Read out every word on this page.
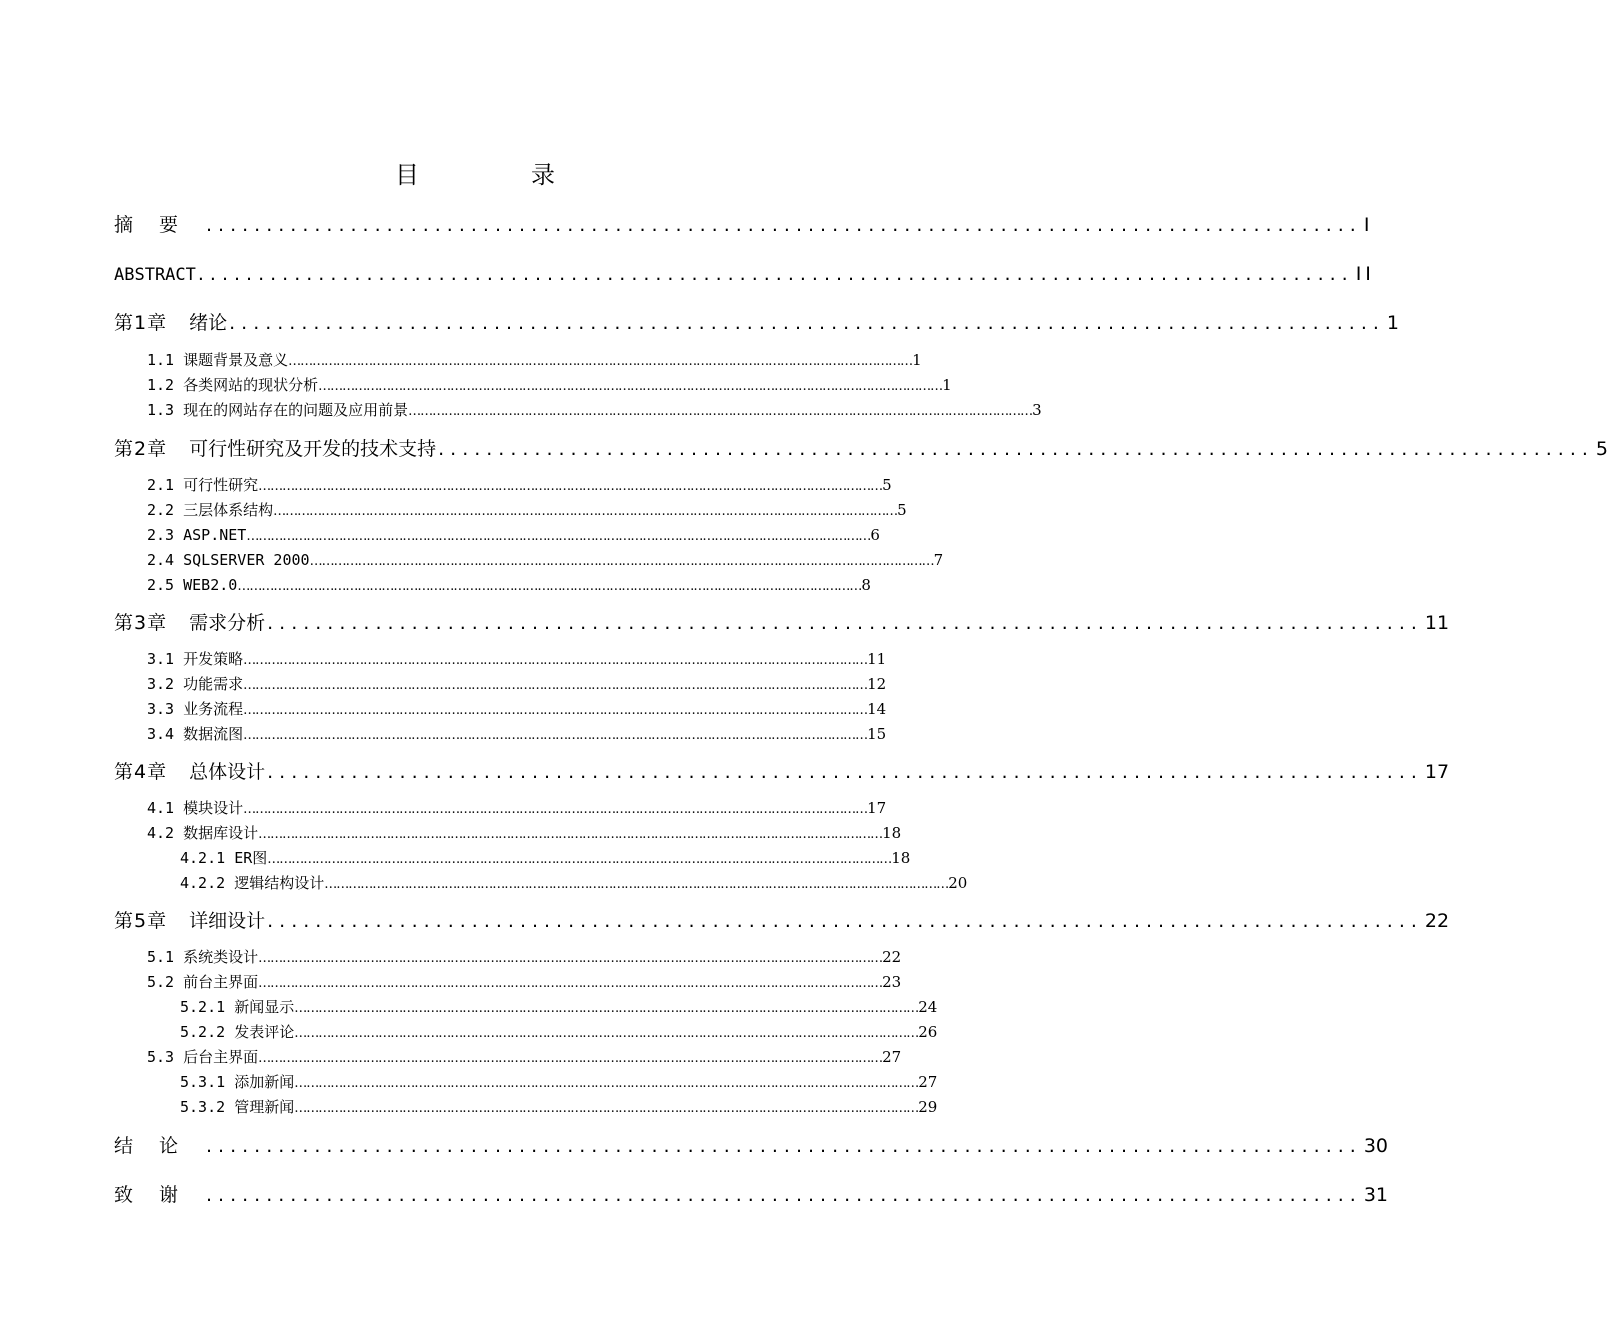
目　录
摘要 ................................................................................................ I
ABSTRACT ................................................................................................ II
第1章 绪论 ................................................................................................ 1
1.1 课题背景及意义 ………………………………………………………………………………………………………………………………………… 1
1.2 各类网站的现状分析 ………………………………………………………………………………………………………………………………………… 1
1.3 现在的网站存在的问题及应用前景 ………………………………………………………………………………………………………………………………………… 3
第2章 可行性研究及开发的技术支持 ................................................................................................ 5
2.1 可行性研究 ………………………………………………………………………………………………………………………………………… 5
2.2 三层体系结构 ………………………………………………………………………………………………………………………………………… 5
2.3 ASP.NET ………………………………………………………………………………………………………………………………………… 6
2.4 SQLSERVER 2000 ………………………………………………………………………………………………………………………………………… 7
2.5 WEB2.0 ………………………………………………………………………………………………………………………………………… 8
第3章 需求分析 ................................................................................................ 11
3.1 开发策略 ………………………………………………………………………………………………………………………………………… 11
3.2 功能需求 ………………………………………………………………………………………………………………………………………… 12
3.3 业务流程 ………………………………………………………………………………………………………………………………………… 14
3.4 数据流图 ………………………………………………………………………………………………………………………………………… 15
第4章 总体设计 ................................................................................................ 17
4.1 模块设计 ………………………………………………………………………………………………………………………………………… 17
4.2 数据库设计 ………………………………………………………………………………………………………………………………………… 18
4.2.1 ER图 ………………………………………………………………………………………………………………………………………… 18
4.2.2 逻辑结构设计 ………………………………………………………………………………………………………………………………………… 20
第5章 详细设计 ................................................................................................ 22
5.1 系统类设计 ………………………………………………………………………………………………………………………………………… 22
5.2 前台主界面 ………………………………………………………………………………………………………………………………………… 23
5.2.1 新闻显示 ………………………………………………………………………………………………………………………………………… 24
5.2.2 发表评论 ………………………………………………………………………………………………………………………………………… 26
5.3 后台主界面 ………………………………………………………………………………………………………………………………………… 27
5.3.1 添加新闻 ………………………………………………………………………………………………………………………………………… 27
5.3.2 管理新闻 ………………………………………………………………………………………………………………………………………… 29
结论 ................................................................................................ 30
致谢 ................................................................................................ 31
